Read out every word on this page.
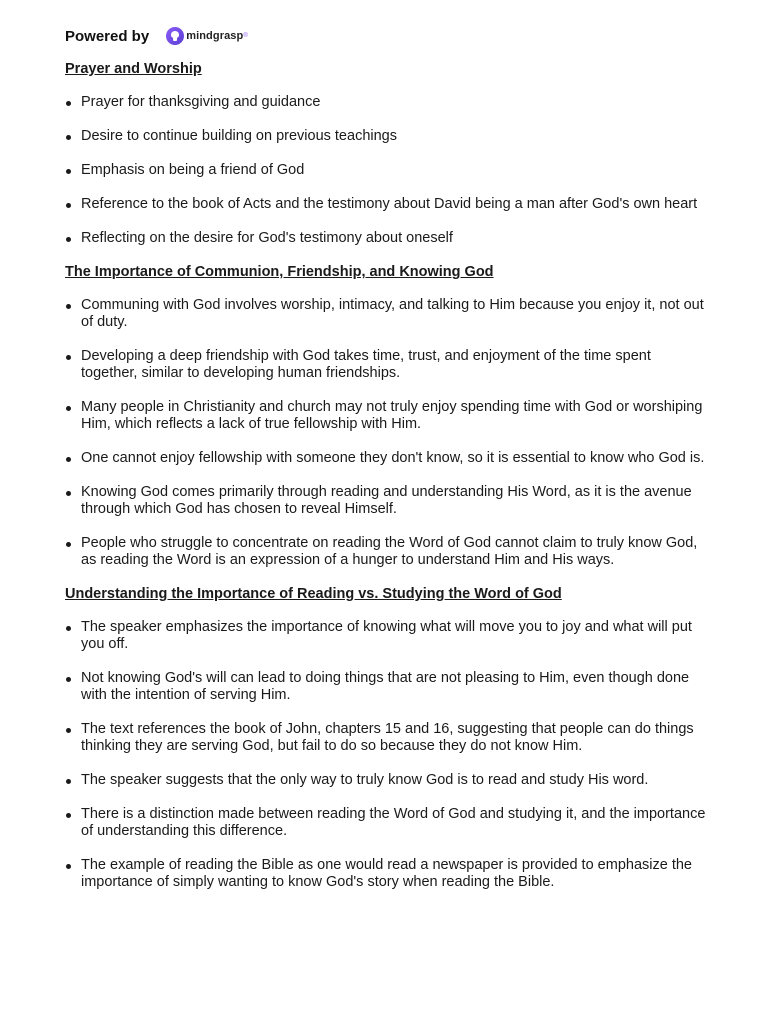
Powered by	mindgrasp ®
Prayer and Worship
Prayer for thanksgiving and guidance
Desire to continue building on previous teachings
Emphasis on being a friend of God
Reference to the book of Acts and the testimony about David being a man after God's own heart
Reflecting on the desire for God's testimony about oneself
The Importance of Communion, Friendship, and Knowing God
Communing with God involves worship, intimacy, and talking to Him because you enjoy it, not out of duty.
Developing a deep friendship with God takes time, trust, and enjoyment of the time spent together, similar to developing human friendships.
Many people in Christianity and church may not truly enjoy spending time with God or worshiping Him, which reflects a lack of true fellowship with Him.
One cannot enjoy fellowship with someone they don't know, so it is essential to know who God is.
Knowing God comes primarily through reading and understanding His Word, as it is the avenue through which God has chosen to reveal Himself.
People who struggle to concentrate on reading the Word of God cannot claim to truly know God, as reading the Word is an expression of a hunger to understand Him and His ways.
Understanding the Importance of Reading vs. Studying the Word of God
The speaker emphasizes the importance of knowing what will move you to joy and what will put you off.
Not knowing God's will can lead to doing things that are not pleasing to Him, even though done with the intention of serving Him.
The text references the book of John, chapters 15 and 16, suggesting that people can do things thinking they are serving God, but fail to do so because they do not know Him.
The speaker suggests that the only way to truly know God is to read and study His word.
There is a distinction made between reading the Word of God and studying it, and the importance of understanding this difference.
The example of reading the Bible as one would read a newspaper is provided to emphasize the importance of simply wanting to know God's story when reading the Bible.
